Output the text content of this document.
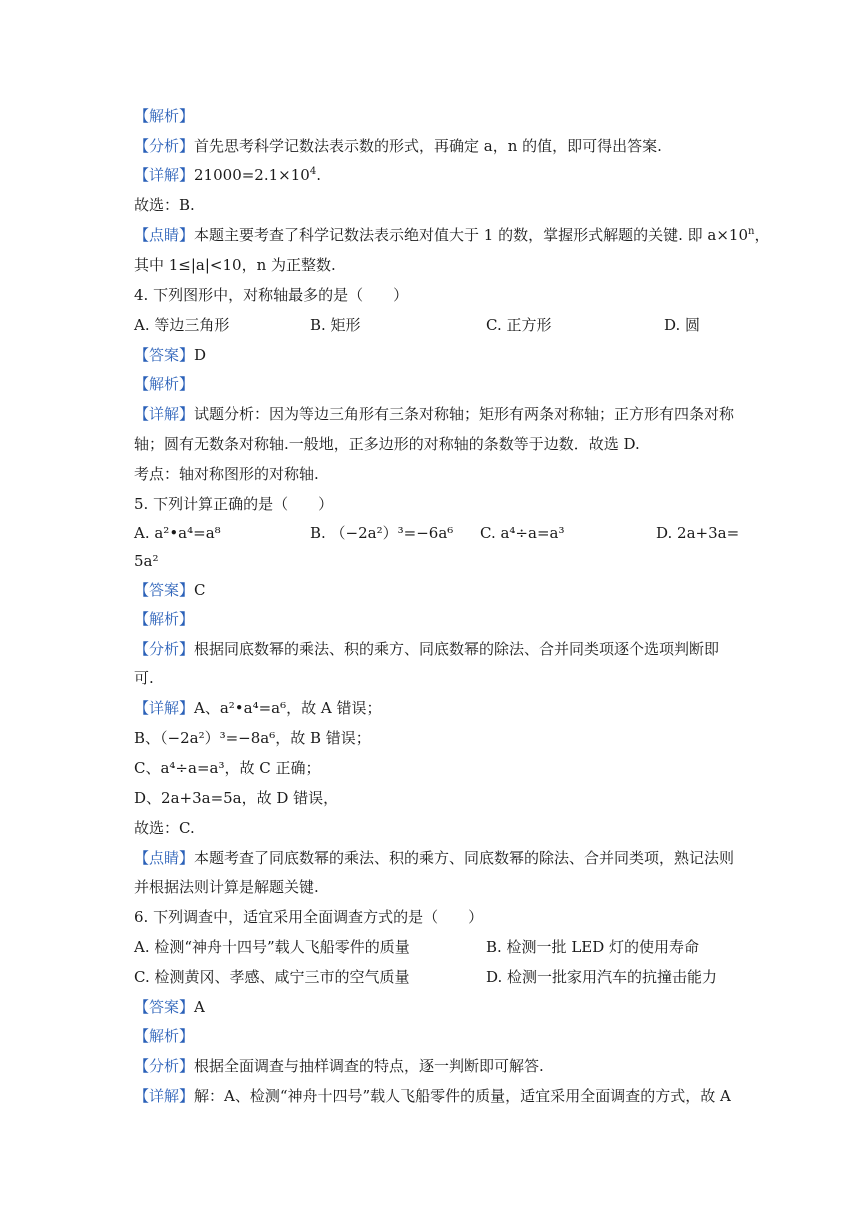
【解析】
【分析】首先思考科学记数法表示数的形式，再确定 a，n 的值，即可得出答案.
【详解】$21000=2.1\times 10^4$.
故选：B.
【点睛】本题主要考查了科学记数法表示绝对值大于 1 的数，掌握形式解题的关键. 即 $a\times 10^n$，
其中 1≤|a|<10，n 为正整数.
4. 下列图形中，对称轴最多的是（　　）
A. 等边三角形	B. 矩形	C. 正方形	D. 圆
【答案】D
【解析】
【详解】试题分析：因为等边三角形有三条对称轴；矩形有两条对称轴；正方形有四条对称
轴；圆有无数条对称轴.一般地，正多边形的对称轴的条数等于边数．故选 D.
考点：轴对称图形的对称轴.
5. 下列计算正确的是（　　）
A. a²•a⁴=a⁸	B. （−2a²）³=−6a⁶ C. a⁴÷a=a³	D. 2a+3a=
5a²
【答案】C
【解析】
【分析】根据同底数幂的乘法、积的乘方、同底数幂的除法、合并同类项逐个选项判断即
可.
【详解】A、a²•a⁴=a⁶，故 A 错误；
B、（−2a²）³=−8a⁶，故 B 错误；
C、a⁴÷a=a³，故 C 正确；
D、2a+3a=5a，故 D 错误，
故选：C.
【点睛】本题考查了同底数幂的乘法、积的乘方、同底数幂的除法、合并同类项，熟记法则
并根据法则计算是解题关键.
6. 下列调查中，适宜采用全面调查方式的是（　　）
A. 检测“神舟十四号”载人飞船零件的质量	B. 检测一批 LED 灯的使用寿命
C. 检测黄冈、孝感、咸宁三市的空气质量	D. 检测一批家用汽车的抗撞击能力
【答案】A
【解析】
【分析】根据全面调查与抽样调查的特点，逐一判断即可解答.
【详解】解：A、检测“神舟十四号”载人飞船零件的质量，适宜采用全面调查的方式，故 A
